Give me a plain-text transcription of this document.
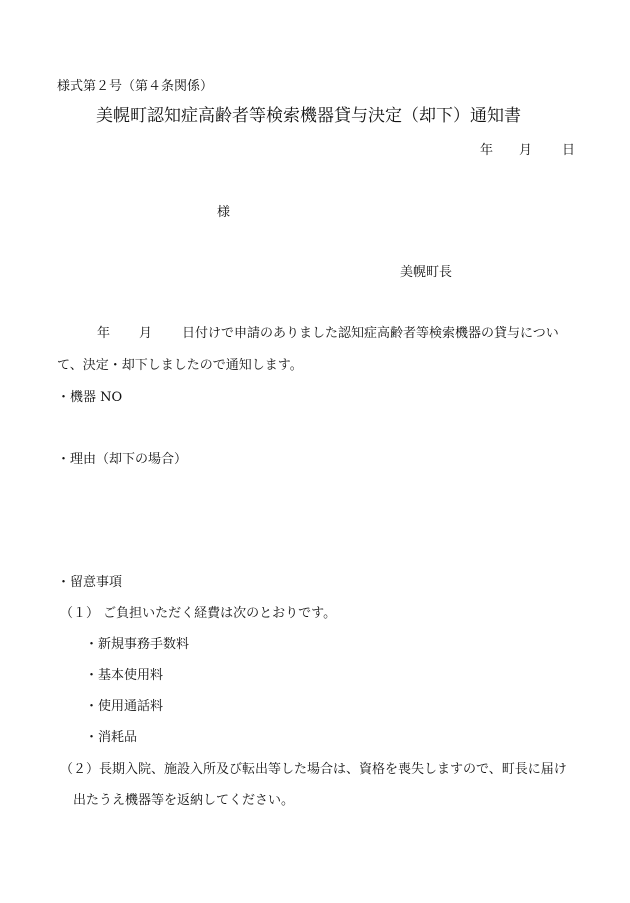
様式第２号（第４条関係）
美幌町認知症高齢者等検索機器貸与決定（却下）通知書
年 月 日
様
美幌町長
年 月 日付けで申請のありました認知症高齢者等検索機器の貸与につい
て、決定・却下しましたので通知します。
・機器 NO
・理由（却下の場合）
・留意事項
（１） ご負担いただく経費は次のとおりです。
・新規事務手数料
・基本使用料
・使用通話料
・消耗品
（２）長期入院、施設入所及び転出等した場合は、資格を喪失しますので、町長に届け
出たうえ機器等を返納してください。
